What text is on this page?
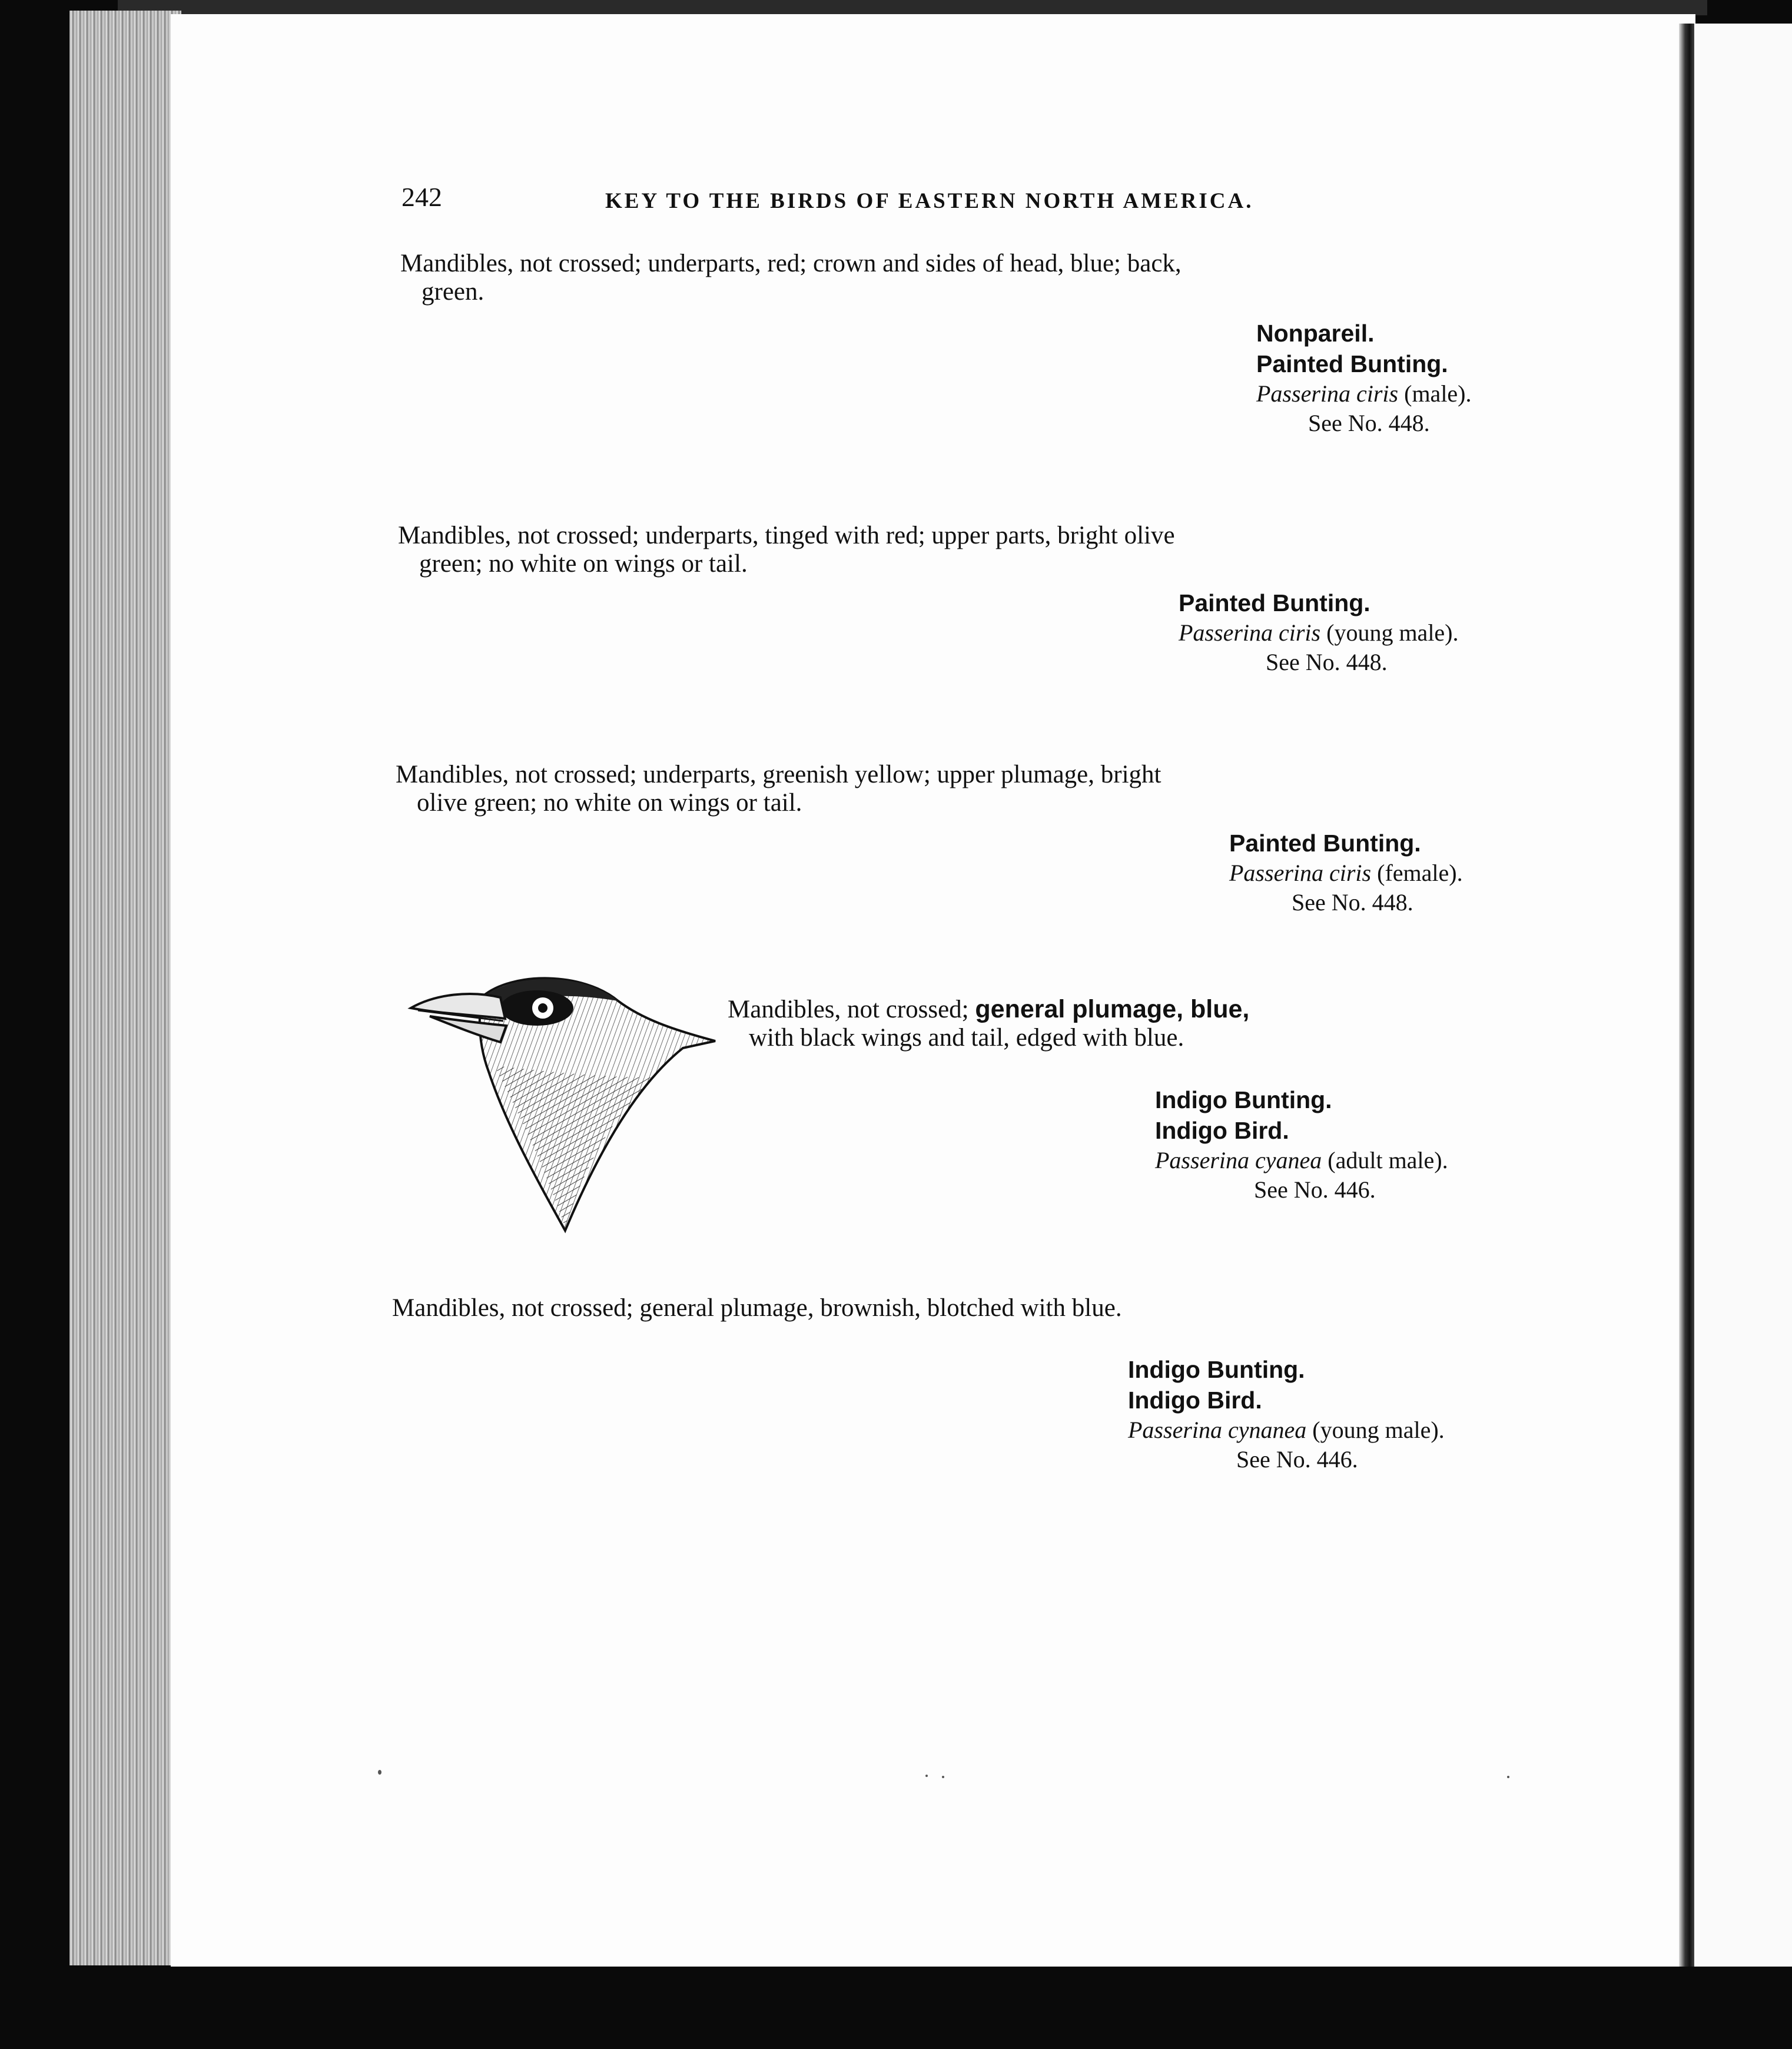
242	KEY TO THE BIRDS OF EASTERN NORTH AMERICA.
Mandibles, not crossed; underparts, red; crown and sides of head, blue; back,
green.
Nonpareil.
Painted Bunting.
Passerina ciris (male).
See No. 448.
Mandibles, not crossed; underparts, tinged with red; upper parts, bright olive
green; no white on wings or tail.
Painted Bunting.
Passerina ciris (young male).
See No. 448.
Mandibles, not crossed; underparts, greenish yellow; upper plumage, bright
olive green; no white on wings or tail.
Painted Bunting.
Passerina ciris (female).
See No. 448.
Mandibles, not crossed; general plumage, blue,
with black wings and tail, edged with blue.
Indigo Bunting.
Indigo Bird.
Passerina cyanea (adult male).
See No. 446.
Mandibles, not crossed; general plumage, brownish, blotched with blue.
Indigo Bunting.
Indigo Bird.
Passerina cynanea (young male).
See No. 446.
